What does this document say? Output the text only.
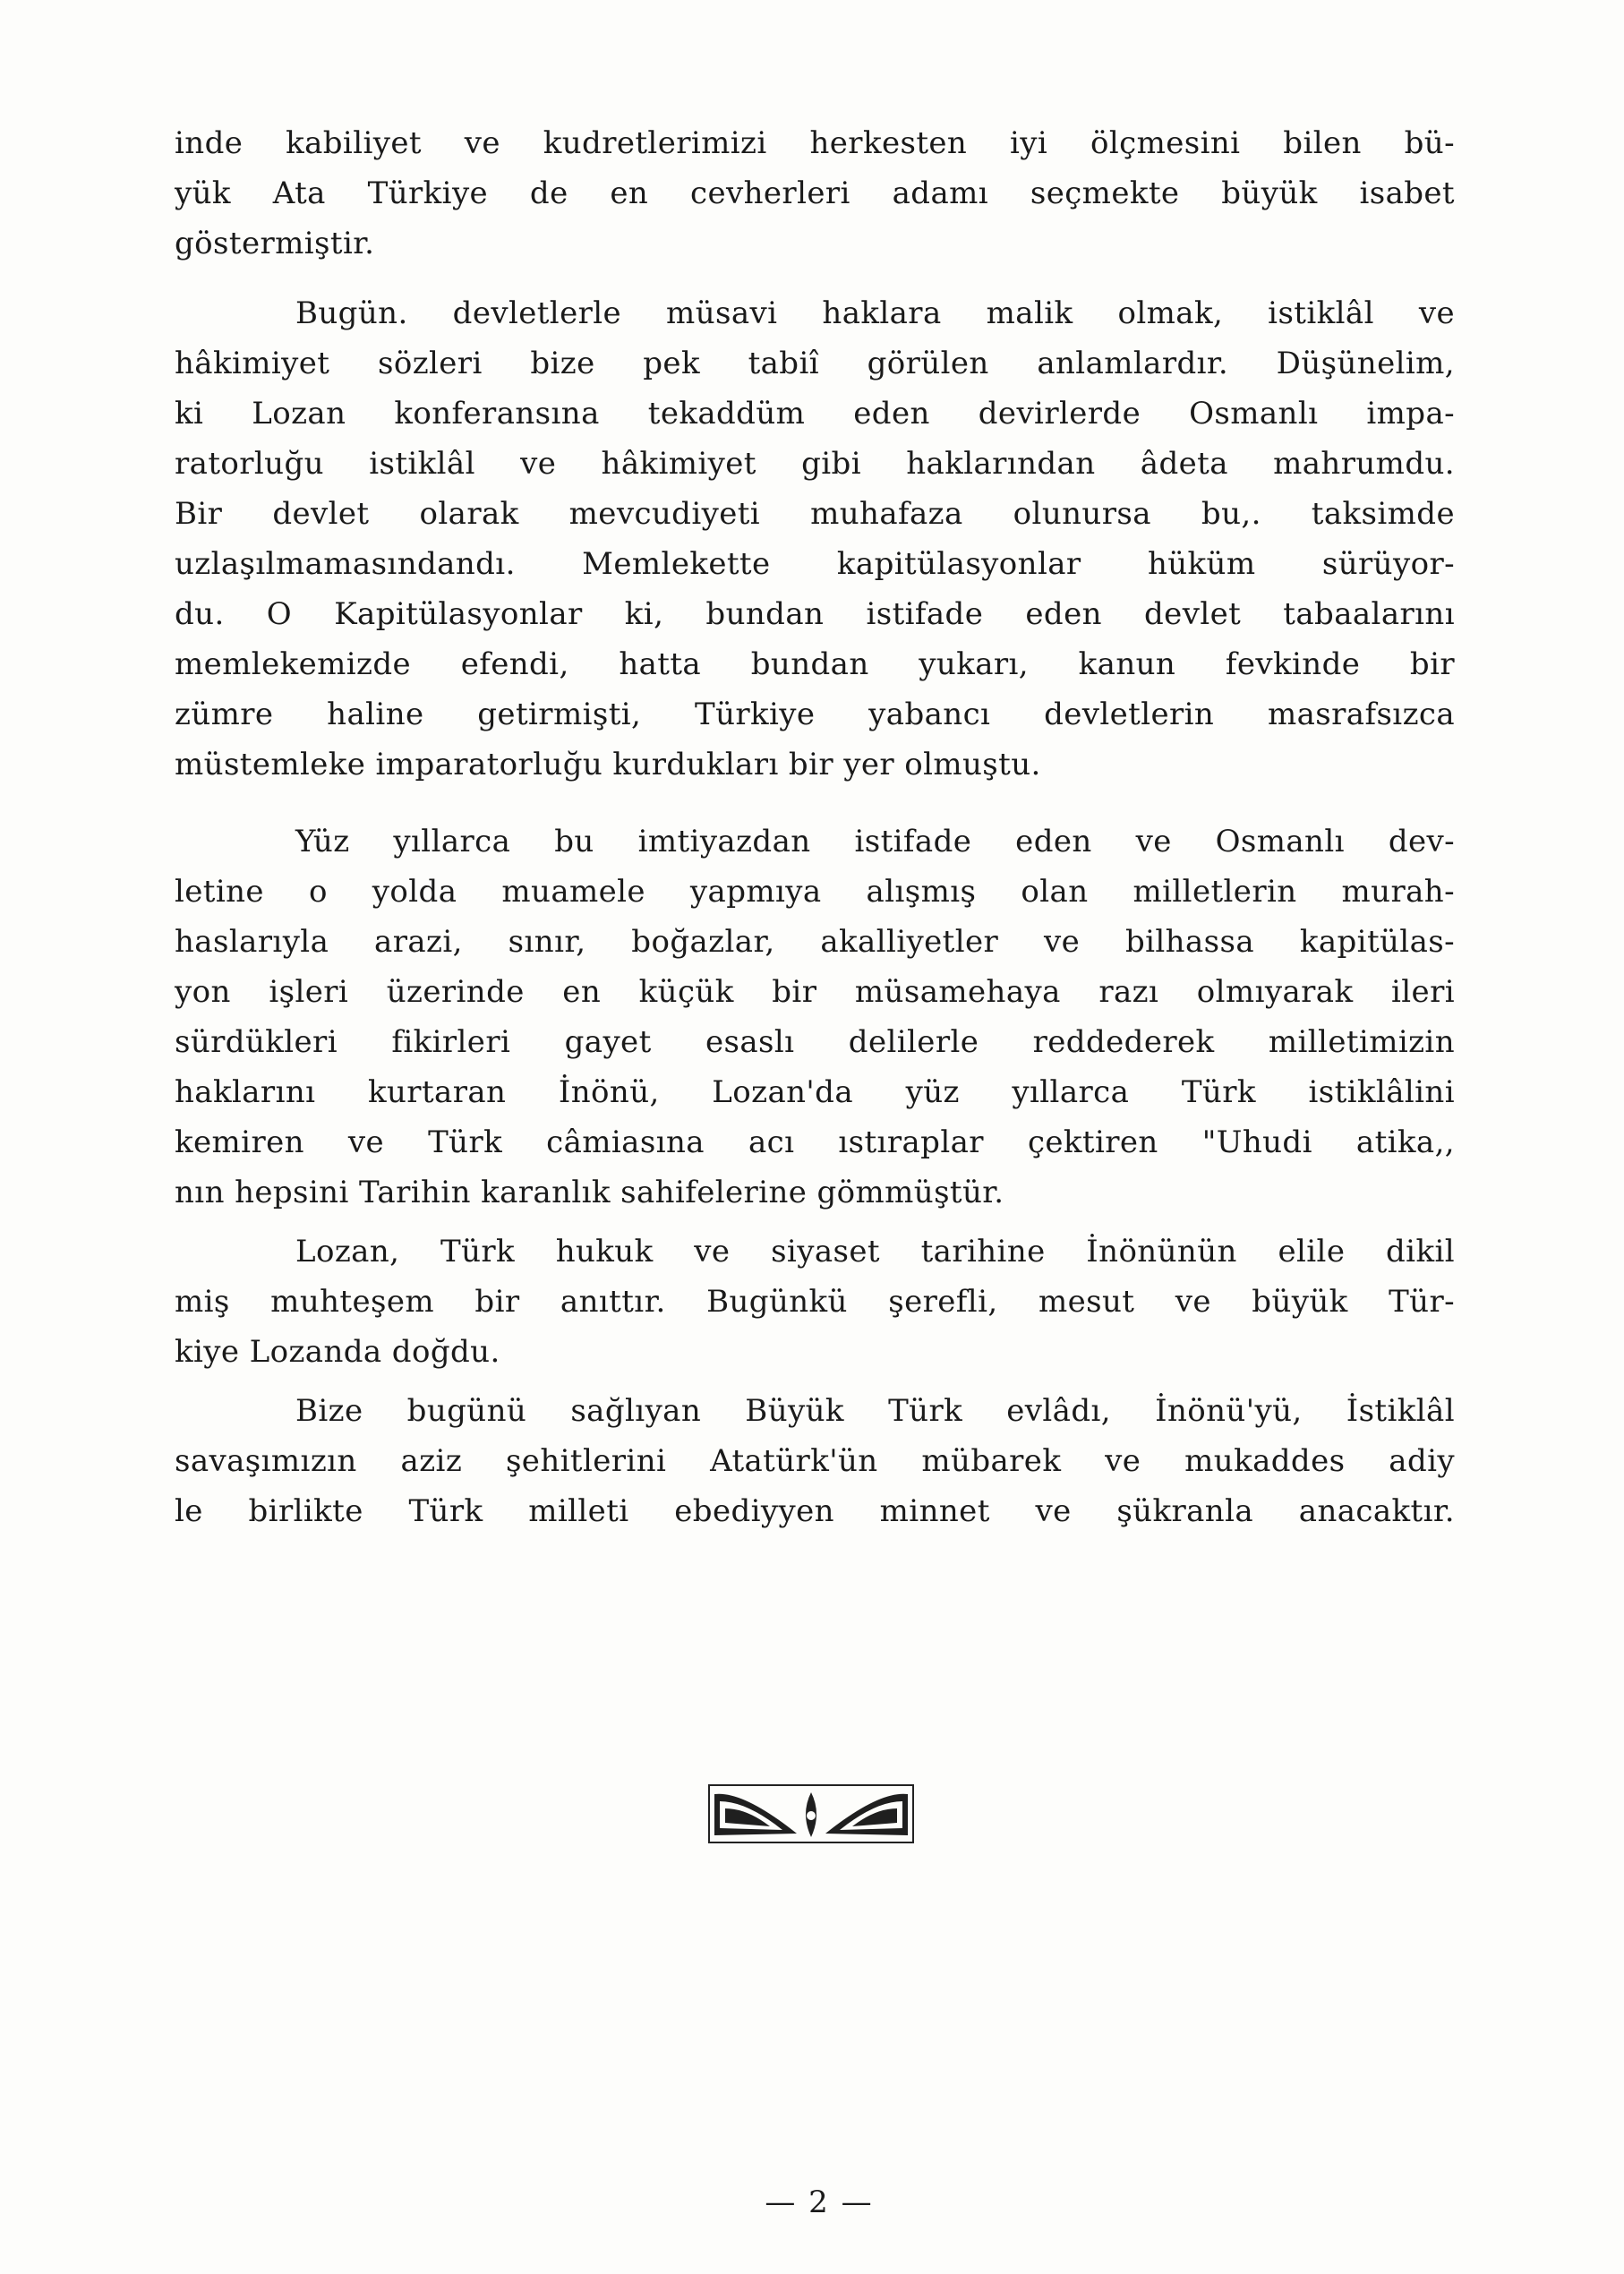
inde kabiliyet ve kudretlerimizi herkesten iyi ölçmesini bilen bü-
yük Ata Türkiye de en cevherleri adamı seçmekte büyük isabet
göstermiştir.
Bugün. devletlerle müsavi haklara malik olmak, istiklâl ve
hâkimiyet sözleri bize pek tabiî görülen anlamlardır. Düşünelim,
ki Lozan konferansına tekaddüm eden devirlerde Osmanlı impa-
ratorluğu istiklâl ve hâkimiyet gibi haklarından âdeta mahrumdu.
Bir devlet olarak mevcudiyeti muhafaza olunursa bu,. taksimde
uzlaşılmamasındandı. Memlekette kapitülasyonlar hüküm sürüyor-
du. O Kapitülasyonlar ki, bundan istifade eden devlet tabaalarını
memlekemizde efendi, hatta bundan yukarı, kanun fevkinde bir
zümre haline getirmişti, Türkiye yabancı devletlerin masrafsızca
müstemleke imparatorluğu kurdukları bir yer olmuştu.
Yüz yıllarca bu imtiyazdan istifade eden ve Osmanlı dev-
letine o yolda muamele yapmıya alışmış olan milletlerin murah-
haslarıyla arazi, sınır, boğazlar, akalliyetler ve bilhassa kapitülas-
yon işleri üzerinde en küçük bir müsamehaya razı olmıyarak ileri
sürdükleri fikirleri gayet esaslı delilerle reddederek milletimizin
haklarını kurtaran İnönü, Lozan'da yüz yıllarca Türk istiklâlini
kemiren ve Türk câmiasına acı ıstıraplar çektiren "Uhudi atika,,
nın hepsini Tarihin karanlık sahifelerine gömmüştür.
Lozan, Türk hukuk ve siyaset tarihine İnönünün elile dikil
miş muhteşem bir anıttır. Bugünkü şerefli, mesut ve büyük Tür-
kiye Lozanda doğdu.
Bize bugünü sağlıyan Büyük Türk evlâdı, İnönü'yü, İstiklâl
savaşımızın aziz şehitlerini Atatürk'ün mübarek ve mukaddes adiy
le birlikte Türk milleti ebediyyen minnet ve şükranla anacaktır.
— 2 —
